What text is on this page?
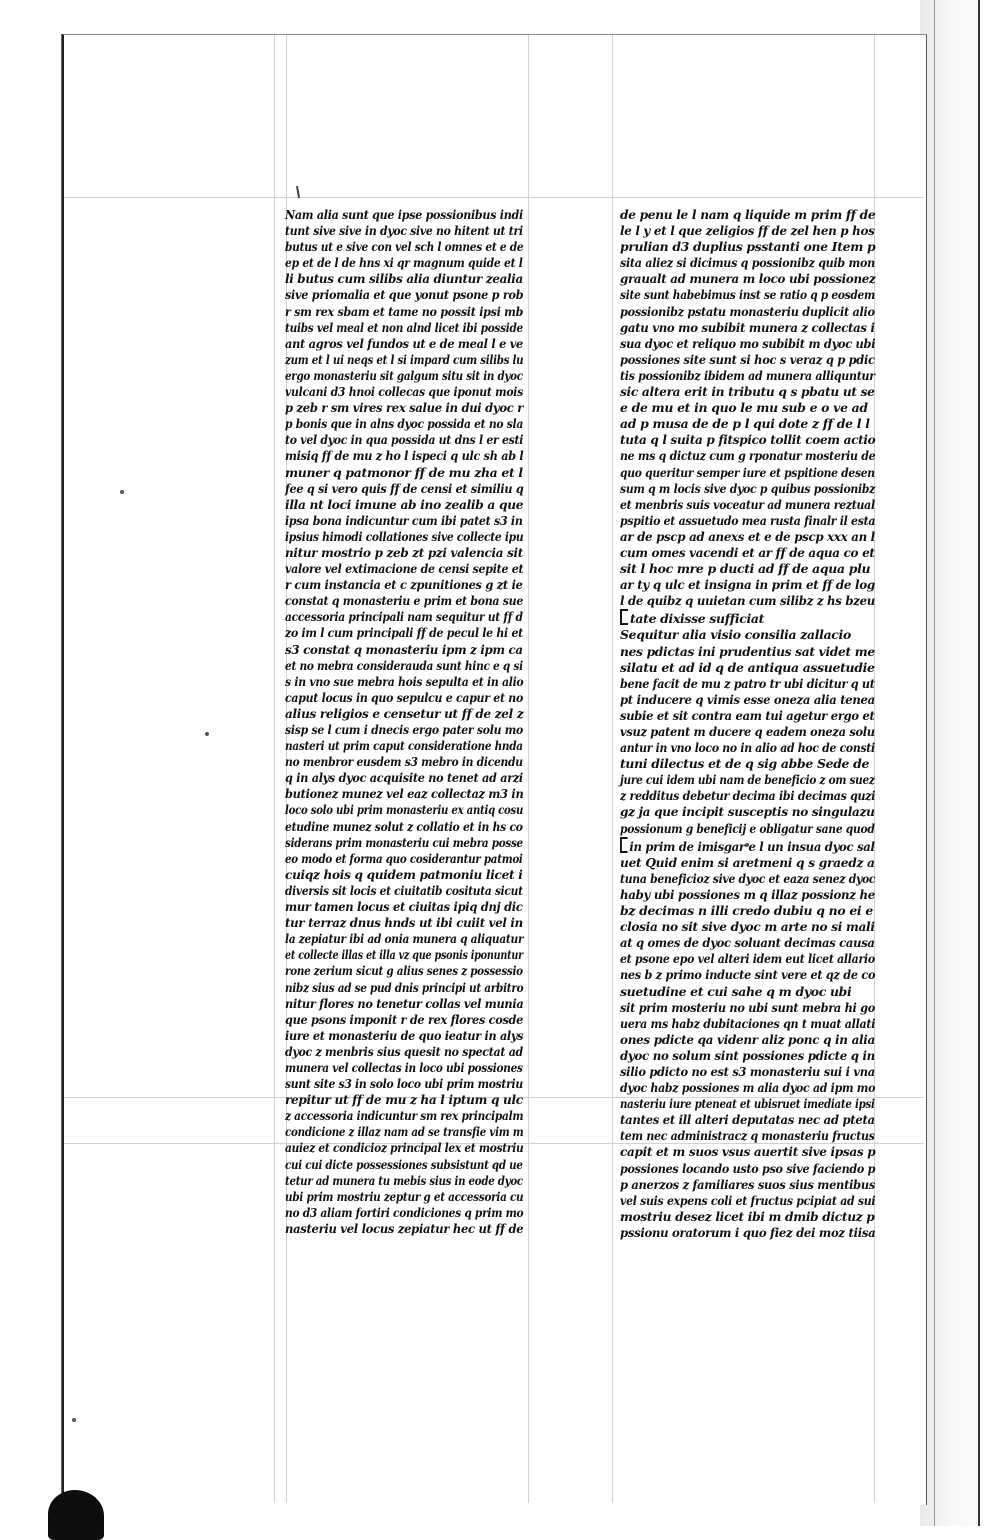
Nam alia sunt que ipse possionibus indi
tunt sive sive in dyoc sive no hitent ut tri
butus ut e sive con vel sch l omnes et e de
ep et de l de hns xi qr magnum quide et l
li butus cum silibs alia diuntur zealia
sive priomalia et que yonut psone p rob
r sm rex sbam et tame no possit ipsi mb
tuibs vel meal et non alnd licet ibi posside
ant agros vel fundos ut e de meal l e ve
zum et l ui neqs et l si impard cum silibs lu
ergo monasteriu sit galgum situ sit in dyoc
vulcani d3 hnoi collecas que iponut mois
p zeb r sm vires rex salue in dui dyoc r
p bonis que in alns dyoc possida et no sla
to vel dyoc in qua possida ut dns l er esti
misiq ff de mu z ho l ispeci q ulc sh ab l
muner q patmonor ff de mu zha et l
fee q si vero quis ff de censi et similiu q
illa nt loci imune ab ino zealib a que
ipsa bona indicuntur cum ibi patet s3 in
ipsius himodi collationes sive collecte ipu
nitur mostrio p zeb zt pzi valencia sit
valore vel extimacione de censi sepite et
r cum instancia et c zpunitiones g zt ie
constat q monasteriu e prim et bona sue
accessoria principali nam sequitur ut ff d
zo im l cum principali ff de pecul le hi et
s3 constat q monasteriu ipm z ipm ca
et no mebra considerauda sunt hinc e q si
s in vno sue mebra hois sepulta et in alio
caput locus in quo sepulcu e capur et no
alius religios e censetur ut ff de zel z
sisp se l cum i dnecis ergo pater solu mo
nasteri ut prim caput consideratione hnda
no menbror eusdem s3 mebro in dicendu
q in alys dyoc acquisite no tenet ad arzi
butionez munez vel eaz collectaz m3 in
loco solo ubi prim monasteriu ex antiq cosu
etudine munez solut z collatio et in hs co
siderans prim monasteriu cui mebra posse
eo modo et forma quo cosiderantur patmoi
cuiqz hois q quidem patmoniu licet i
diversis sit locis et ciuitatib cosituta sicut
mur tamen locus et ciuitas ipiq dnj dic
tur terraz dnus hnds ut ibi cuiit vel in
la zepiatur ibi ad onia munera q aliquatur
et collecte illas et illa vz que psonis iponuntur
rone zerium sicut g alius senes z possessio
nibz sius ad se pud dnis principi ut arbitro
nitur flores no tenetur collas vel munia
que psons imponit r de rex flores cosde
iure et monasteriu de quo ieatur in alys
dyoc z menbris sius quesit no spectat ad
munera vel collectas in loco ubi possiones
sunt site s3 in solo loco ubi prim mostriu
repitur ut ff de mu z ha l iptum q ulc
z accessoria indicuntur sm rex principalm
condicione z illaz nam ad se transfie vim m
auiez et condicioz principal lex et mostriu
cui cui dicte possessiones subsistunt qd ue
tetur ad munera tu mebis sius in eode dyoc
ubi prim mostriu zeptur g et accessoria cu
no d3 aliam fortiri condiciones q prim mo
nasteriu vel locus zepiatur hec ut ff de
de penu le l nam q liquide m prim ff de
le l y et l que zeligios ff de zel hen p hos
prulian d3 duplius psstanti one Item p
sita aliez si dicimus q possionibz quib mon
graualt ad munera m loco ubi possionez
site sunt habebimus inst se ratio q p eosdem
possionibz pstatu monasteriu duplicit alio
gatu vno mo subibit munera z collectas i
sua dyoc et reliquo mo subibit m dyoc ubi
possiones site sunt si hoc s veraz q p pdic
tis possionibz ibidem ad munera alliquntur
sic altera erit in tributu q s pbatu ut se
e de mu et in quo le mu sub e o ve ad
ad p musa de de p l qui dote z ff de l l
tuta q l suita p fitspico tollit coem actio
ne ms q dictuz cum g rponatur mosteriu de
quo queritur semper iure et pspitione desen
sum q m locis sive dyoc p quibus possionibz
et menbris suis voceatur ad munera reztual
pspitio et assuetudo mea rusta finalr il esta
ar de pscp ad anexs et e de pscp xxx an l
cum omes vacendi et ar ff de aqua co et
sit l hoc mre p ducti ad ff de aqua plu
ar ty q ulc et insigna in prim et ff de log
l de quibz q uuietan cum silibz z hs bzeu
tate dixisse sufficiat
Sequitur alia visio consilia zallacio
nes pdictas ini prudentius sat videt me
silatu et ad id q de antiqua assuetudie
bene facit de mu z patro tr ubi dicitur q ut
pt inducere q vimis esse oneza alia tenea
subie et sit contra eam tui agetur ergo et
vsuz patent m ducere q eadem oneza solu
antur in vno loco no in alio ad hoc de consti
tuni dilectus et de q sig abbe Sede de
jure cui idem ubi nam de beneficio z om suez
z redditus debetur decima ibi decimas quzi
gz ja que incipit susceptis no singulazu
possionum g beneficij e obligatur sane quod
in prim de imisgar e l un insua dyoc sal
uet Quid enim si aretmeni q s graedz a
tuna beneficioz sive dyoc et eaza senez dyoc
haby ubi possiones m q illaz possionz he
bz decimas n illi credo dubiu q no ei e
closia no sit sive dyoc m arte no si mali
at q omes de dyoc soluant decimas causa
et psone epo vel alteri idem eut licet allario
nes b z primo inducte sint vere et qz de co
suetudine et cui sahe q m dyoc ubi
sit prim mosteriu no ubi sunt mebra hi go
uera ms habz dubitaciones qn t muat allati
ones pdicte qa videnr aliz ponc q in alia
dyoc no solum sint possiones pdicte q in
silio pdicto no est s3 monasteriu sui i vna
dyoc habz possiones m alia dyoc ad ipm mo
nasteriu iure pteneat et ubisruet imediate ipsi
tantes et ill alteri deputatas nec ad pteta
tem nec administracz q monasteriu fructus
capit et m suos vsus auertit sive ipsas p
possiones locando usto pso sive faciendo p
p anerzos z familiares suos sius mentibus
vel suis expens coli et fructus pcipiat ad sui
mostriu desez licet ibi m dmib dictuz p
pssionu oratorum i quo fiez dei moz tiisa
